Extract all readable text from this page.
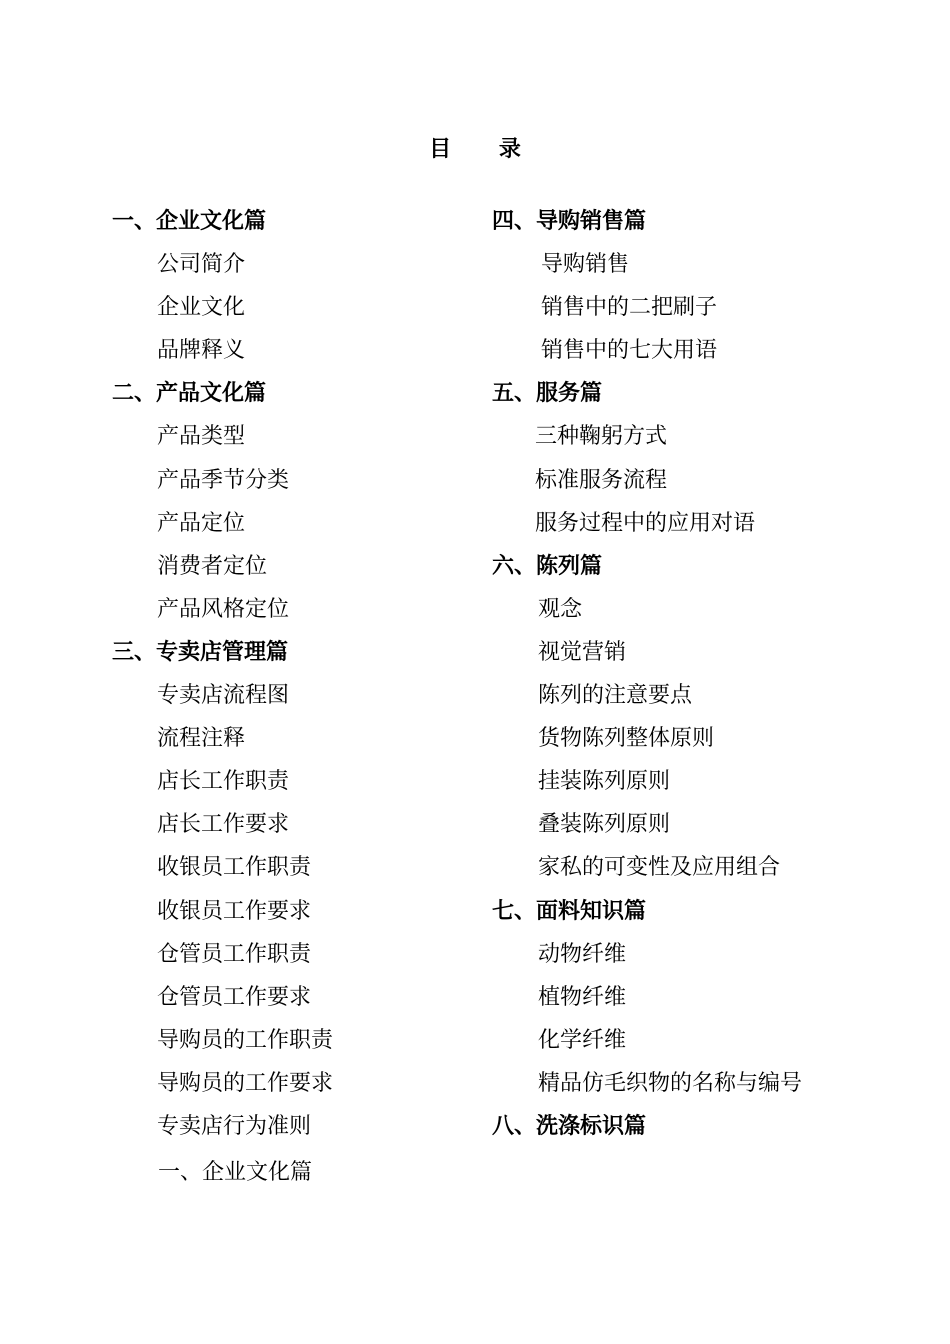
目 录
一、企业文化篇
公司简介
企业文化
品牌释义
二、产品文化篇
产品类型
产品季节分类
产品定位
消费者定位
产品风格定位
三、专卖店管理篇
专卖店流程图
流程注释
店长工作职责
店长工作要求
收银员工作职责
收银员工作要求
仓管员工作职责
仓管员工作要求
导购员的工作职责
导购员的工作要求
专卖店行为准则
四、导购销售篇
导购销售
销售中的二把刷子
销售中的七大用语
五、服务篇
三种鞠躬方式
标准服务流程
服务过程中的应用对语
六、陈列篇
观念
视觉营销
陈列的注意要点
货物陈列整体原则
挂装陈列原则
叠装陈列原则
家私的可变性及应用组合
七、面料知识篇
动物纤维
植物纤维
化学纤维
精品仿毛织物的名称与编号
八、洗涤标识篇
一、企业文化篇
